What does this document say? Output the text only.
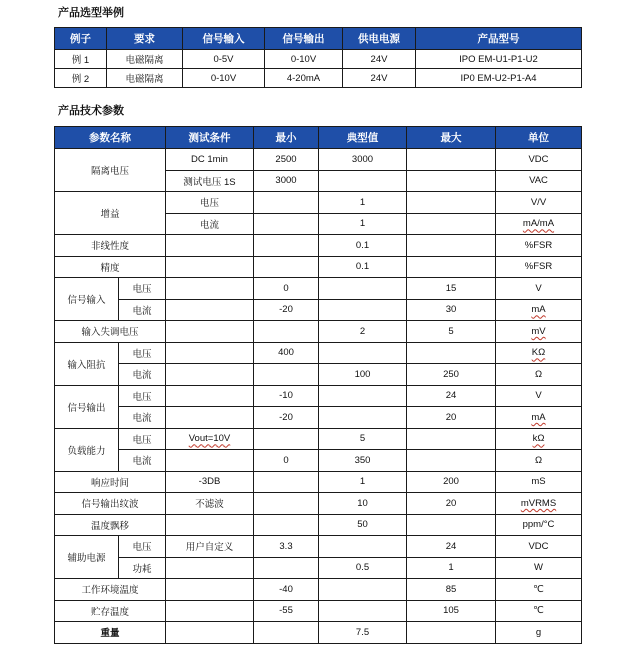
产品选型举例
例子	要求	信号输入	信号输出	供电电源	产品型号
例 1	电磁隔离	0-5V	0-10V	24V	IPO EM-U1-P1-U2
例 2	电磁隔离	0-10V	4-20mA	24V	IP0 EM-U2-P1-A4
产品技术参数
参数名称		测试条件	最小	典型值	最大	单位
隔离电压		DC 1min	2500	3000		VDC
		测试电压 1S	3000			VAC
增益		电压		1		V/V
		电流		1		mA/mA
非线性度				0.1		%FSR
精度				0.1		%FSR
信号输入	电压		0		15	V
	电流		-20		30	mA
输入失调电压				2	5	mV
输入阻抗	电压		400			KΩ
	电流			100	250	Ω
信号输出	电压		-10		24	V
	电流		-20		20	mA
负载能力	电压	Vout=10V		5		kΩ
	电流		0	350		Ω
响应时间		-3DB		1	200	mS
信号输出纹波		不滤波		10	20	mVRMS
温度飘移				50		ppm/°C
辅助电源	电压	用户自定义	3.3		24	VDC
	功耗			0.5	1	W
工作环境温度			-40		85	℃
贮存温度			-55		105	℃
重量				7.5		g
